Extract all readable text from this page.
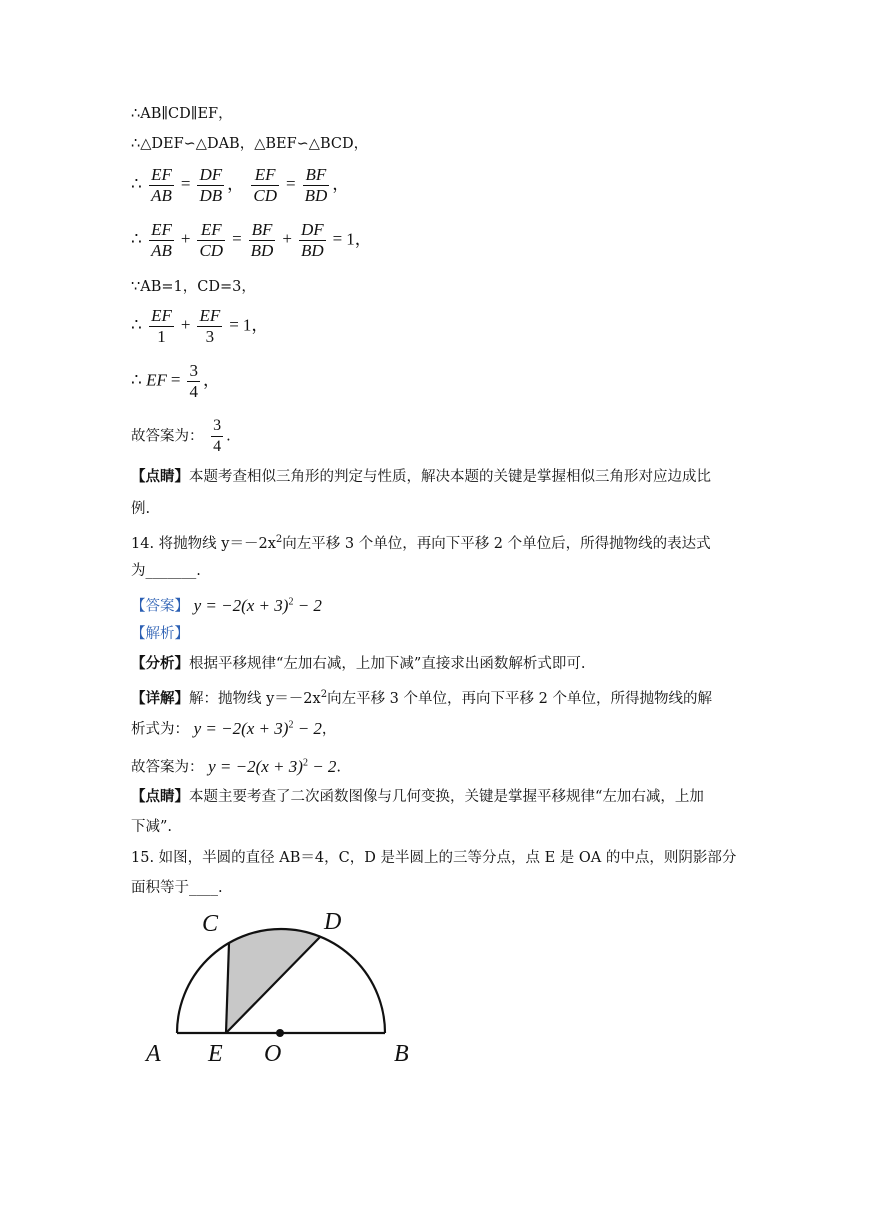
∴AB∥CD∥EF，
∴△DEF∽△DAB，△BEF∽△BCD，
∴ $\frac{EF}{AB} = \frac{DF}{DB}$ ， $\frac{EF}{CD} = \frac{BF}{BD}$ ，
∴ $\frac{EF}{AB} + \frac{EF}{CD} = \frac{BF}{BD} + \frac{DF}{BD} = 1$，
∵AB=1，CD=3，
∴ $\frac{EF}{1} + \frac{EF}{3} = 1$，
∴ EF = $\frac{3}{4}$ ，
故答案为： $\frac{3}{4}$ .
【点睛】本题考查相似三角形的判定与性质，解决本题的关键是掌握相似三角形对应边成比
例.
14. 将抛物线 $y=-2x^2$向左平移 3 个单位，再向下平移 2 个单位后，所得抛物线的表达式
为_______.
【答案】 $y = -2(x + 3)^2 - 2$
【解析】
【分析】根据平移规律“左加右减，上加下减”直接求出函数解析式即可.
【详解】解：抛物线 $y=-2x^2$向左平移 3 个单位，再向下平移 2 个单位，所得抛物线的解
析式为： $y = -2(x + 3)^2 - 2$，
故答案为： $y = -2(x + 3)^2 - 2$.
【点睛】本题主要考查了二次函数图像与几何变换，关键是掌握平移规律“左加右减，上加
下减”.
15. 如图，半圆的直径 AB＝4，C，D 是半圆上的三等分点，点 E 是 OA 的中点，则阴影部分
面积等于____.
A E O	B
C	D
